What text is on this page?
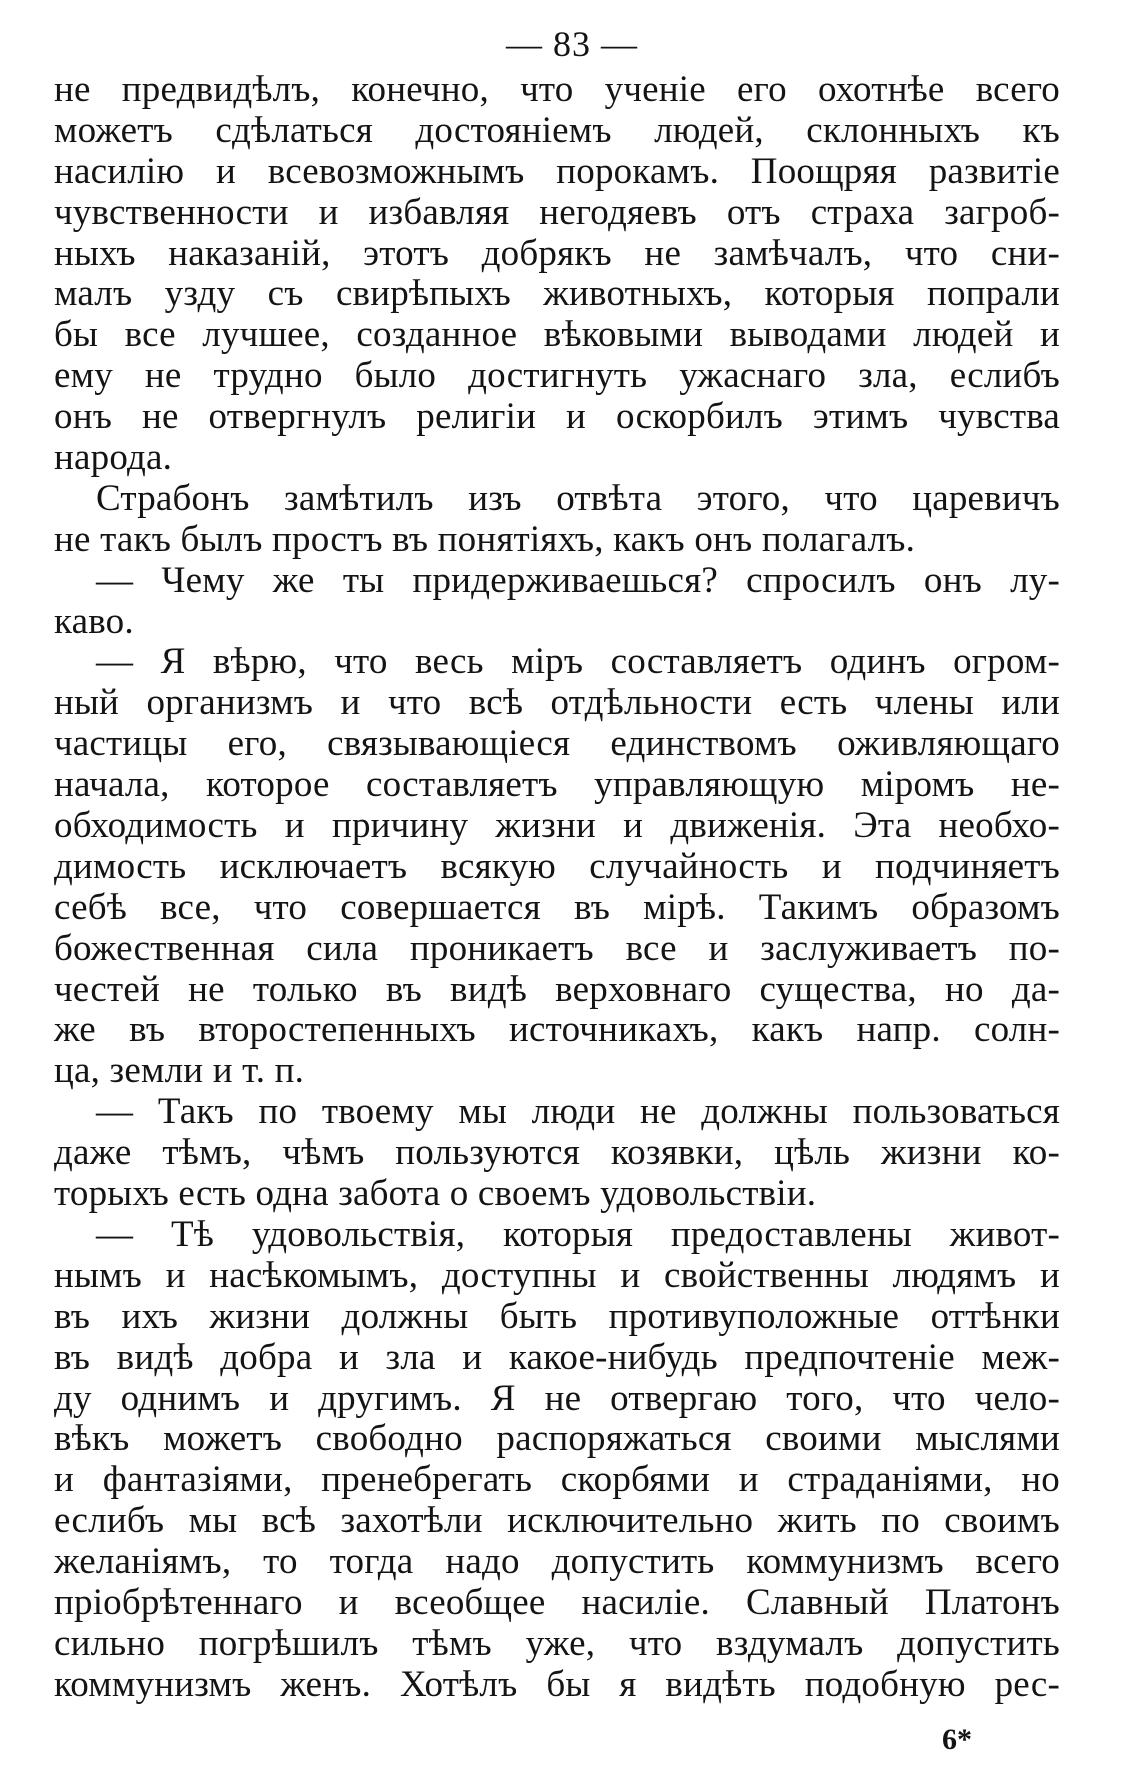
— 83 —
не предвидѣлъ, конечно, что ученіе его охотнѣе всего
можетъ сдѣлаться достояніемъ людей, склонныхъ къ
насилію и всевозможнымъ порокамъ. Поощряя развитіе
чувственности и избавляя негодяевъ отъ страха загроб-
ныхъ наказаній, этотъ добрякъ не замѣчалъ, что сни-
малъ узду съ свирѣпыхъ животныхъ, которыя попрали
бы все лучшее, созданное вѣковыми выводами людей и
ему не трудно было достигнуть ужаснаго зла, еслибъ
онъ не отвергнулъ религіи и оскорбилъ этимъ чувства
народа.
Страбонъ замѣтилъ изъ отвѣта этого, что царевичъ
не такъ былъ простъ въ понятіяхъ, какъ онъ полагалъ.
— Чему же ты придерживаешься? спросилъ онъ лу-
каво.
— Я вѣрю, что весь міръ составляетъ одинъ огром-
ный организмъ и что всѣ отдѣльности есть члены или
частицы его, связывающіеся единствомъ оживляющаго
начала, которое составляетъ управляющую міромъ не-
обходимость и причину жизни и движенія. Эта необхо-
димость исключаетъ всякую случайность и подчиняетъ
себѣ все, что совершается въ мірѣ. Такимъ образомъ
божественная сила проникаетъ все и заслуживаетъ по-
честей не только въ видѣ верховнаго существа, но да-
же въ второстепенныхъ источникахъ, какъ напр. солн-
ца, земли и т. п.
— Такъ по твоему мы люди не должны пользоваться
даже тѣмъ, чѣмъ пользуются козявки, цѣль жизни ко-
торыхъ есть одна забота о своемъ удовольствіи.
— Тѣ удовольствія, которыя предоставлены живот-
нымъ и насѣкомымъ, доступны и свойственны людямъ и
въ ихъ жизни должны быть противуположные оттѣнки
въ видѣ добра и зла и какое-нибудь предпочтеніе меж-
ду однимъ и другимъ. Я не отвергаю того, что чело-
вѣкъ можетъ свободно распоряжаться своими мыслями
и фантазіями, пренебрегать скорбями и страданіями, но
еслибъ мы всѣ захотѣли исключительно жить по своимъ
желаніямъ, то тогда надо допустить коммунизмъ всего
пріобрѣтеннаго и всеобщее насиліе. Славный Платонъ
сильно погрѣшилъ тѣмъ уже, что вздумалъ допустить
коммунизмъ женъ. Хотѣлъ бы я видѣть подобную рес-
6*
